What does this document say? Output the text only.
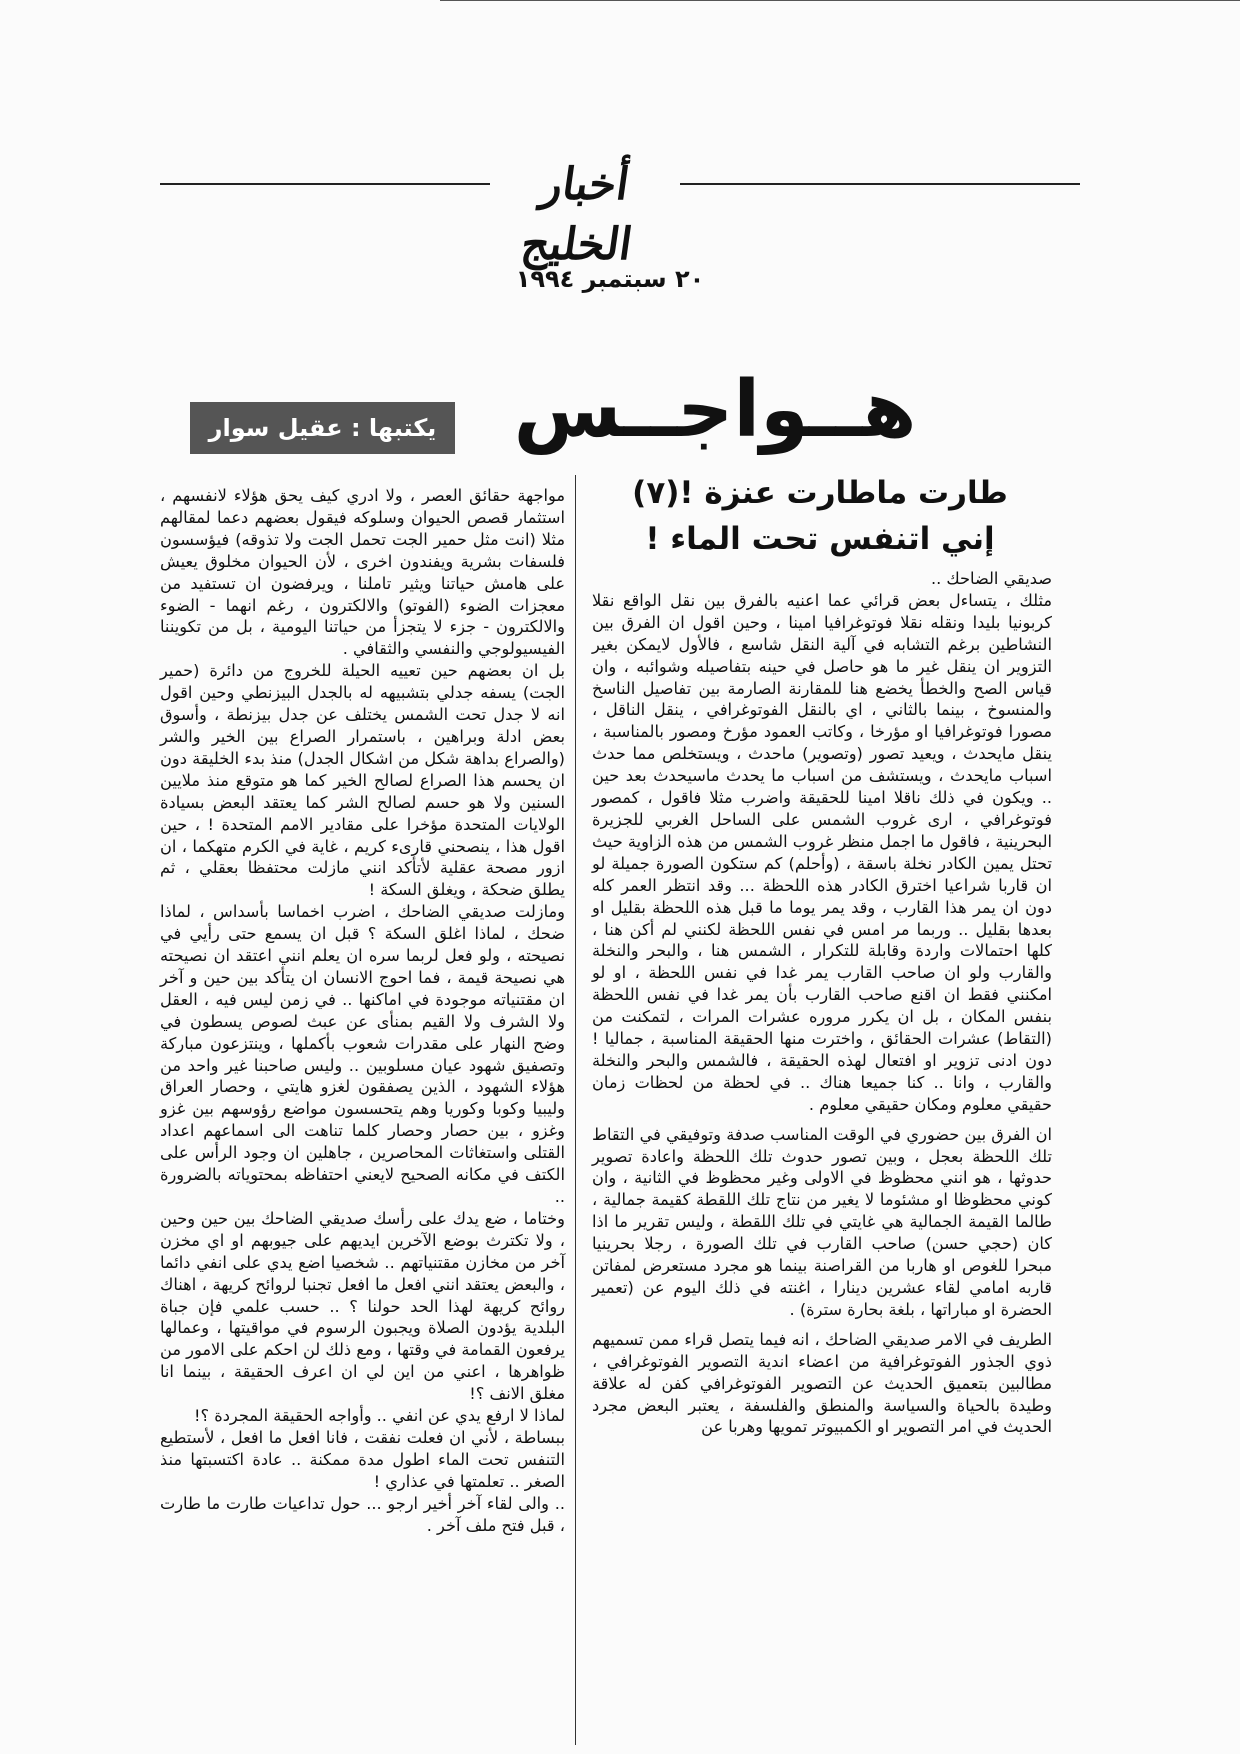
أخبار الخليج
٢٠ سبتمبر ١٩٩٤
هــواجــس
يكتبها : عقيل سوار
طارت ماطارت عنزة !(٧)
إني اتنفس تحت الماء !

صديقي الضاحك ..

مثلك ، يتساءل بعض قرائي عما اعنيه بالفرق بين نقل الواقع نقلا كربونيا بليدا ونقله نقلا فوتوغرافيا امينا ، وحين اقول ان الفرق بين النشاطين برغم التشابه في آلية النقل شاسع ، فالأول لايمكن بغير التزوير ان ينقل غير ما هو حاصل في حينه بتفاصيله وشوائبه ، وان قياس الصح والخطأ يخضع هنا للمقارنة الصارمة بين تفاصيل الناسخ والمنسوخ ، بينما بالثاني ، اي بالنقل الفوتوغرافي ، ينقل الناقل ، مصورا فوتوغرافيا او مؤرخا ، وكاتب العمود مؤرخ ومصور بالمناسبة ، ينقل مايحدث ، ويعيد تصور (وتصوير) ماحدث ، ويستخلص مما حدث اسباب مايحدث ، ويستشف من اسباب ما يحدث ماسيحدث بعد حين .. ويكون في ذلك ناقلا امينا للحقيقة واضرب مثلا فاقول ، كمصور فوتوغرافي ، ارى غروب الشمس على الساحل الغربي للجزيرة البحرينية ، فاقول ما اجمل منظر غروب الشمس من هذه الزاوية حيث تحتل يمين الكادر نخلة باسقة ، (وأحلم) كم ستكون الصورة جميلة لو ان قاربا شراعيا اخترق الكادر هذه اللحظة ... وقد انتظر العمر كله دون ان يمر هذا القارب ، وقد يمر يوما ما قبل هذه اللحظة بقليل او بعدها بقليل .. وربما مر امس في نفس اللحظة لكنني لم أكن هنا ، كلها احتمالات واردة وقابلة للتكرار ، الشمس هنا ، والبحر والنخلة والقارب ولو ان صاحب القارب يمر غدا في نفس اللحظة ، او لو امكنني فقط ان اقنع صاحب القارب بأن يمر غدا في نفس اللحظة بنفس المكان ، بل ان يكرر مروره عشرات المرات ، لتمكنت من (التقاط) عشرات الحقائق ، واخترت منها الحقيقة المناسبة ، جماليا ! دون ادنى تزوير او افتعال لهذه الحقيقة ، فالشمس والبحر والنخلة والقارب ، وانا .. كنا جميعا هناك .. في لحظة من لحظات زمان حقيقي معلوم ومكان حقيقي معلوم .

ان الفرق بين حضوري في الوقت المناسب صدفة وتوفيقي في التقاط تلك اللحظة بعجل ، وبين تصور حدوث تلك اللحظة واعادة تصوير حدوثها ، هو انني محظوظ في الاولى وغير محظوظ في الثانية ، وان كوني محظوظا او مشئوما لا يغير من نتاج تلك اللقطة كقيمة جمالية ، طالما القيمة الجمالية هي غايتي في تلك اللقطة ، وليس تقرير ما اذا كان (حجي حسن) صاحب القارب في تلك الصورة ، رجلا بحرينيا مبحرا للغوص او هاربا من القراصنة بينما هو مجرد مستعرض لمفاتن قاربه امامي لقاء عشرين دينارا ، اغنته في ذلك اليوم عن (تعمير الحضرة او مباراتها ، بلغة بحارة سترة) .

الطريف في الامر صديقي الضاحك ، انه فيما يتصل قراء ممن تسميهم ذوي الجذور الفوتوغرافية من اعضاء اندية التصوير الفوتوغرافي ، مطالبين بتعميق الحديث عن التصوير الفوتوغرافي كفن له علاقة وطيدة بالحياة والسياسة والمنطق والفلسفة ، يعتبر البعض مجرد الحديث في امر التصوير او الكمبيوتر تمويها وهربا عن

مواجهة حقائق العصر ، ولا ادري كيف يحق هؤلاء لانفسهم ، استثمار قصص الحيوان وسلوكه فيقول بعضهم دعما لمقالهم مثلا (انت مثل حمير الجت تحمل الجت ولا تذوقه) فيؤسسون فلسفات بشرية ويفندون اخرى ، لأن الحيوان مخلوق يعيش على هامش حياتنا ويثير تاملنا ، ويرفضون ان تستفيد من معجزات الضوء (الفوتو) والالكترون ، رغم انهما - الضوء والالكترون - جزء لا يتجزأ من حياتنا اليومية ، بل من تكويننا الفيسيولوجي والنفسي والثقافي .

بل ان بعضهم حين تعييه الحيلة للخروج من دائرة (حمير الجت) يسفه جدلي بتشبيهه له بالجدل البيزنطي وحين اقول انه لا جدل تحت الشمس يختلف عن جدل بيزنطة ، وأسوق بعض ادلة وبراهين ، باستمرار الصراع بين الخير والشر (والصراع بداهة شكل من اشكال الجدل) منذ بدء الخليقة دون ان يحسم هذا الصراع لصالح الخير كما هو متوقع منذ ملايين السنين ولا هو حسم لصالح الشر كما يعتقد البعض بسيادة الولايات المتحدة مؤخرا على مقادير الامم المتحدة ! ، حين اقول هذا ، ينصحني قارىء كريم ، غاية في الكرم متهكما ، ان ازور مصحة عقلية لأتأكد انني مازلت محتفظا بعقلي ، ثم يطلق ضحكة ، ويغلق السكة !

ومازلت صديقي الضاحك ، اضرب اخماسا بأسداس ، لماذا ضحك ، لماذا اغلق السكة ؟ قبل ان يسمع حتى رأيي في نصيحته ، ولو فعل لربما سره ان يعلم انني اعتقد ان نصيحته هي نصيحة قيمة ، فما احوج الانسان ان يتأكد بين حين و آخر ان مقتنياته موجودة في اماكنها .. في زمن ليس فيه ، العقل ولا الشرف ولا القيم بمنأى عن عبث لصوص يسطون في وضح النهار على مقدرات شعوب بأكملها ، وينتزعون مباركة وتصفيق شهود عيان مسلوبين .. وليس صاحبنا غير واحد من هؤلاء الشهود ، الذين يصفقون لغزو هايتي ، وحصار العراق وليبيا وكوبا وكوريا وهم يتحسسون مواضع رؤوسهم بين غزو وغزو ، بين حصار وحصار كلما تناهت الى اسماعهم اعداد القتلى واستغاثات المحاصرين ، جاهلين ان وجود الرأس على الكتف في مكانه الصحيح لايعني احتفاظه بمحتوياته بالضرورة ..

وختاما ، ضع يدك على رأسك صديقي الضاحك بين حين وحين ، ولا تكترث بوضع الآخرين ايديهم على جيوبهم او اي مخزن آخر من مخازن مقتنياتهم .. شخصيا اضع يدي على انفي دائما ، والبعض يعتقد انني افعل ما افعل تجنبا لروائح كريهة ، اهناك روائح كريهة لهذا الحد حولنا ؟ .. حسب علمي فإن جباة البلدية يؤدون الصلاة ويجبون الرسوم في مواقيتها ، وعمالها يرفعون القمامة في وقتها ، ومع ذلك لن احكم على الامور من ظواهرها ، اعني من اين لي ان اعرف الحقيقة ، بينما انا مغلق الانف ؟!

لماذا لا ارفع يدي عن انفي .. وأواجه الحقيقة المجردة ؟!

ببساطة ، لأني ان فعلت نفقت ، فانا افعل ما افعل ، لأستطيع التنفس تحت الماء اطول مدة ممكنة .. عادة اكتسبتها منذ الصغر .. تعلمتها في عذاري !

.. والى لقاء آخر أخير ارجو ... حول تداعيات طارت ما طارت ، قبل فتح ملف آخر .
